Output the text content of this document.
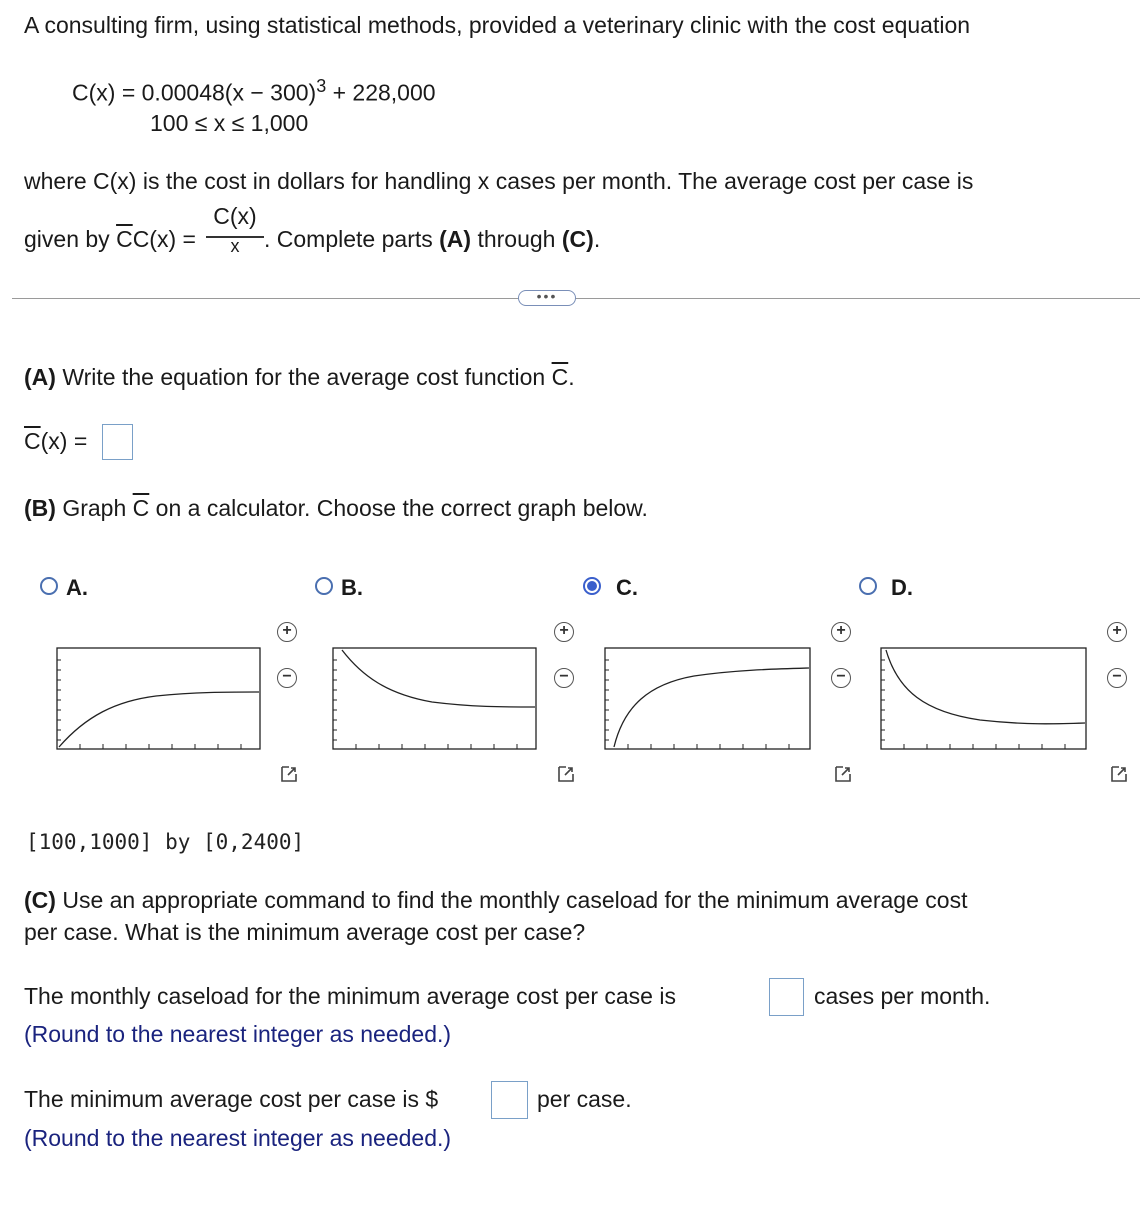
A consulting firm, using statistical methods, provided a veterinary clinic with the cost equation
$C(x) = 0.00048(x - 300)^3 + 228,000$
100 ≤ x ≤ 1,000
where C(x) is the cost in dollars for handling x cases per month. The average cost per case is
given by $\overline{C}C(x)$ =
C(x)
x	. Complete parts (A) through (C).
•••
(A) Write the equation for the average cost function $\overline{C}$.
$\overline{C}(x)$ =
(B) Graph $\overline{C}$ on a calculator. Choose the correct graph below.
A.	B.	C.	D.
+
−
+
−
+
−
+
−
[100,1000] by [0,2400]
(C) Use an appropriate command to find the monthly caseload for the minimum average cost
per case. What is the minimum average cost per case?
The monthly caseload for the minimum average cost per case is	cases per month.
(Round to the nearest integer as needed.)
The minimum average cost per case is $	per case.
(Round to the nearest integer as needed.)
